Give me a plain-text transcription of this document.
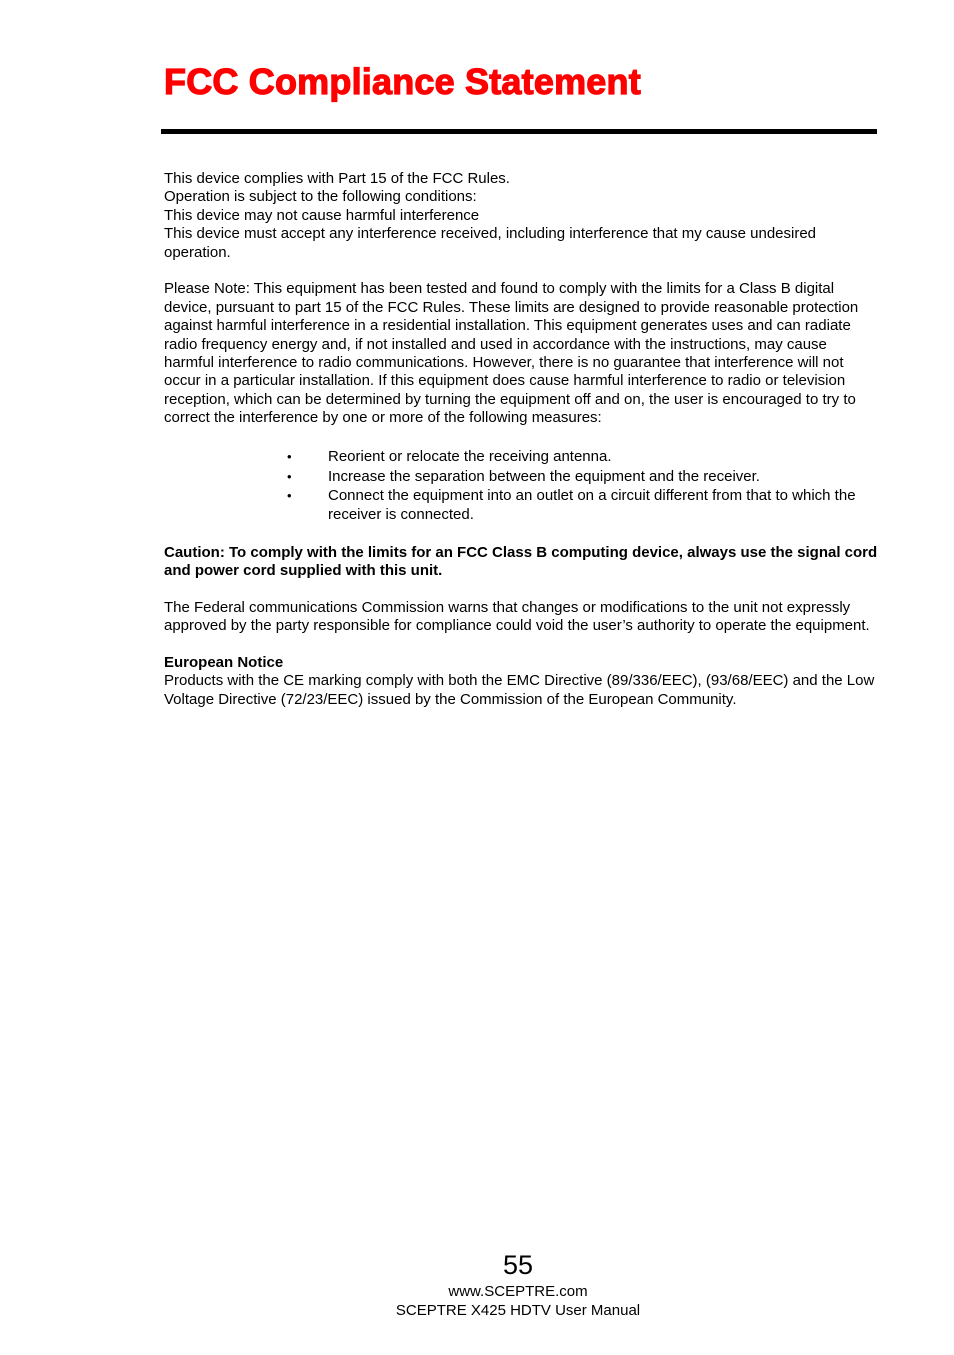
FCC Compliance Statement

This device complies with Part 15 of the FCC Rules.

Operation is subject to the following conditions:

This device may not cause harmful interference

This device must accept any interference received, including interference that my cause undesired operation.

Please Note: This equipment has been tested and found to comply with the limits for a Class B digital device, pursuant to part 15 of the FCC Rules. These limits are designed to provide reasonable protection against harmful interference in a residential installation. This equipment generates uses and can radiate radio frequency energy and, if not installed and used in accordance with the instructions, may cause harmful interference to radio communications. However, there is no guarantee that interference will not occur in a particular installation. If this equipment does cause harmful interference to radio or television reception, which can be determined by turning the equipment off and on, the user is encouraged to try to correct the interference by one or more of the following measures:

• Reorient or relocate the receiving antenna.
• Increase the separation between the equipment and the receiver.
• Connect the equipment into an outlet on a circuit different from that to which the receiver is connected.

Caution: To comply with the limits for an FCC Class B computing device, always use the signal cord and power cord supplied with this unit.

The Federal communications Commission warns that changes or modifications to the unit not expressly approved by the party responsible for compliance could void the user’s authority to operate the equipment.

European Notice

Products with the CE marking comply with both the EMC Directive (89/336/EEC), (93/68/EEC) and the Low Voltage Directive (72/23/EEC) issued by the Commission of the European Community.

55
www.SCEPTRE.com
SCEPTRE X425 HDTV User Manual
